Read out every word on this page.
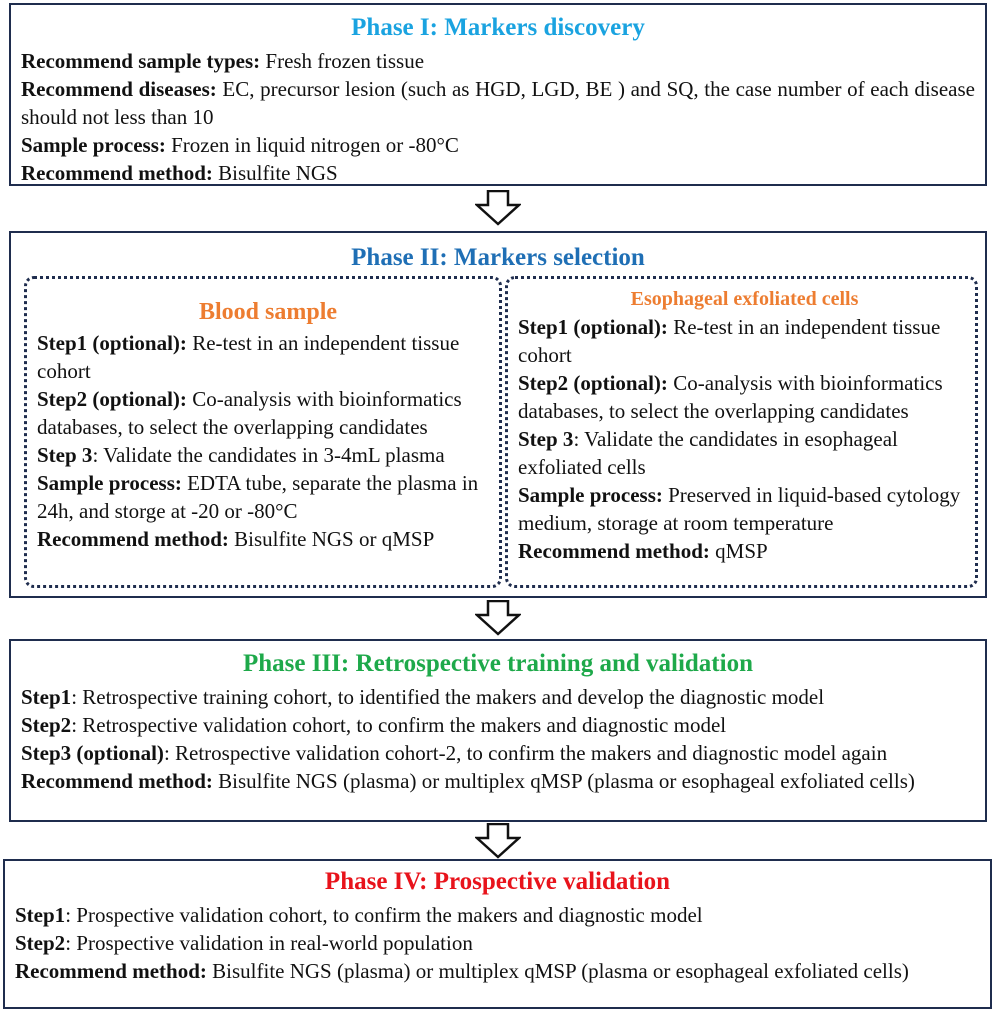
Phase I: Markers discovery

Recommend sample types: Fresh frozen tissue

Recommend diseases: EC, precursor lesion (such as HGD, LGD, BE ) and SQ, the case number of each disease should not less than 10

Sample process: Frozen in liquid nitrogen or -80°C

Recommend method: Bisulfite NGS

Phase II: Markers selection
Blood sample

Step1 (optional): Re-test in an independent tissue cohort

Step2 (optional): Co-analysis with bioinformatics databases, to select the overlapping candidates

Step 3: Validate the candidates in 3-4mL plasma

Sample process: EDTA tube, separate the plasma in 24h, and storge at -20 or -80°C

Recommend method: Bisulfite NGS or qMSP

Esophageal exfoliated cells

Step1 (optional): Re-test in an independent tissue cohort

Step2 (optional): Co-analysis with bioinformatics databases, to select the overlapping candidates

Step 3: Validate the candidates in esophageal exfoliated cells

Sample process: Preserved in liquid-based cytology medium, storage at room temperature

Recommend method: qMSP

Phase III: Retrospective training and validation

Step1: Retrospective training cohort, to identified the makers and develop the diagnostic model

Step2: Retrospective validation cohort, to confirm the makers and diagnostic model

Step3 (optional): Retrospective validation cohort-2, to confirm the makers and diagnostic model again

Recommend method: Bisulfite NGS (plasma) or multiplex qMSP (plasma or esophageal exfoliated cells)

Phase IV: Prospective validation

Step1: Prospective validation cohort, to confirm the makers and diagnostic model

Step2: Prospective validation in real-world population

Recommend method: Bisulfite NGS (plasma) or multiplex qMSP (plasma or esophageal exfoliated cells)
